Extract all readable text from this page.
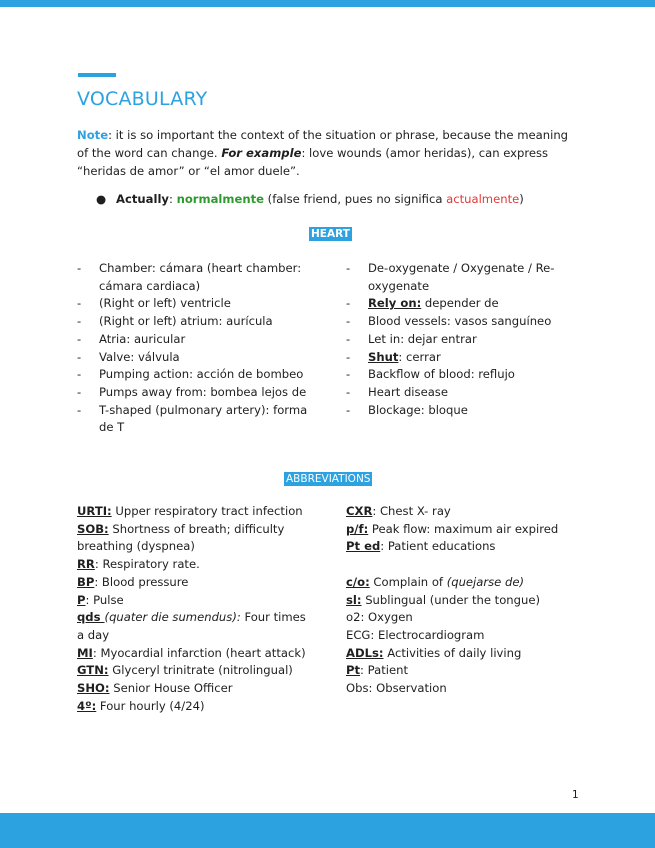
VOCABULARY
Note: it is so important the context of the situation or phrase, because the meaning of the word can change. For example: love wounds (amor heridas), can express “heridas de amor” or “el amor duele”.
● Actually: normalmente (false friend, pues no significa actualmente)
HEART
- Chamber: cámara (heart chamber: cámara cardiaca)
- (Right or left) ventricle
- (Right or left) atrium: aurícula
- Atria: auricular
- Valve: válvula
- Pumping action: acción de bombeo
- Pumps away from: bombea lejos de
- T-shaped (pulmonary artery): forma de T
- De-oxygenate / Oxygenate / Re-oxygenate
- Rely on: depender de
- Blood vessels: vasos sanguíneo
- Let in: dejar entrar
- Shut: cerrar
- Backflow of blood: reflujo
- Heart disease
- Blockage: bloque
ABBREVIATIONS
URTI: Upper respiratory tract infection
SOB: Shortness of breath; difficulty breathing (dyspnea)
RR: Respiratory rate.
BP: Blood pressure
P: Pulse
qds (quater die sumendus): Four times a day
MI: Myocardial infarction (heart attack)
GTN: Glyceryl trinitrate (nitrolingual)
SHO: Senior House Officer
4º: Four hourly (4/24)
CXR: Chest X- ray
p/f: Peak flow: maximum air expired
Pt ed: Patient educations
c/o: Complain of (quejarse de)
sl: Sublingual (under the tongue)
o2: Oxygen
ECG: Electrocardiogram
ADLs: Activities of daily living
Pt: Patient
Obs: Observation
1
